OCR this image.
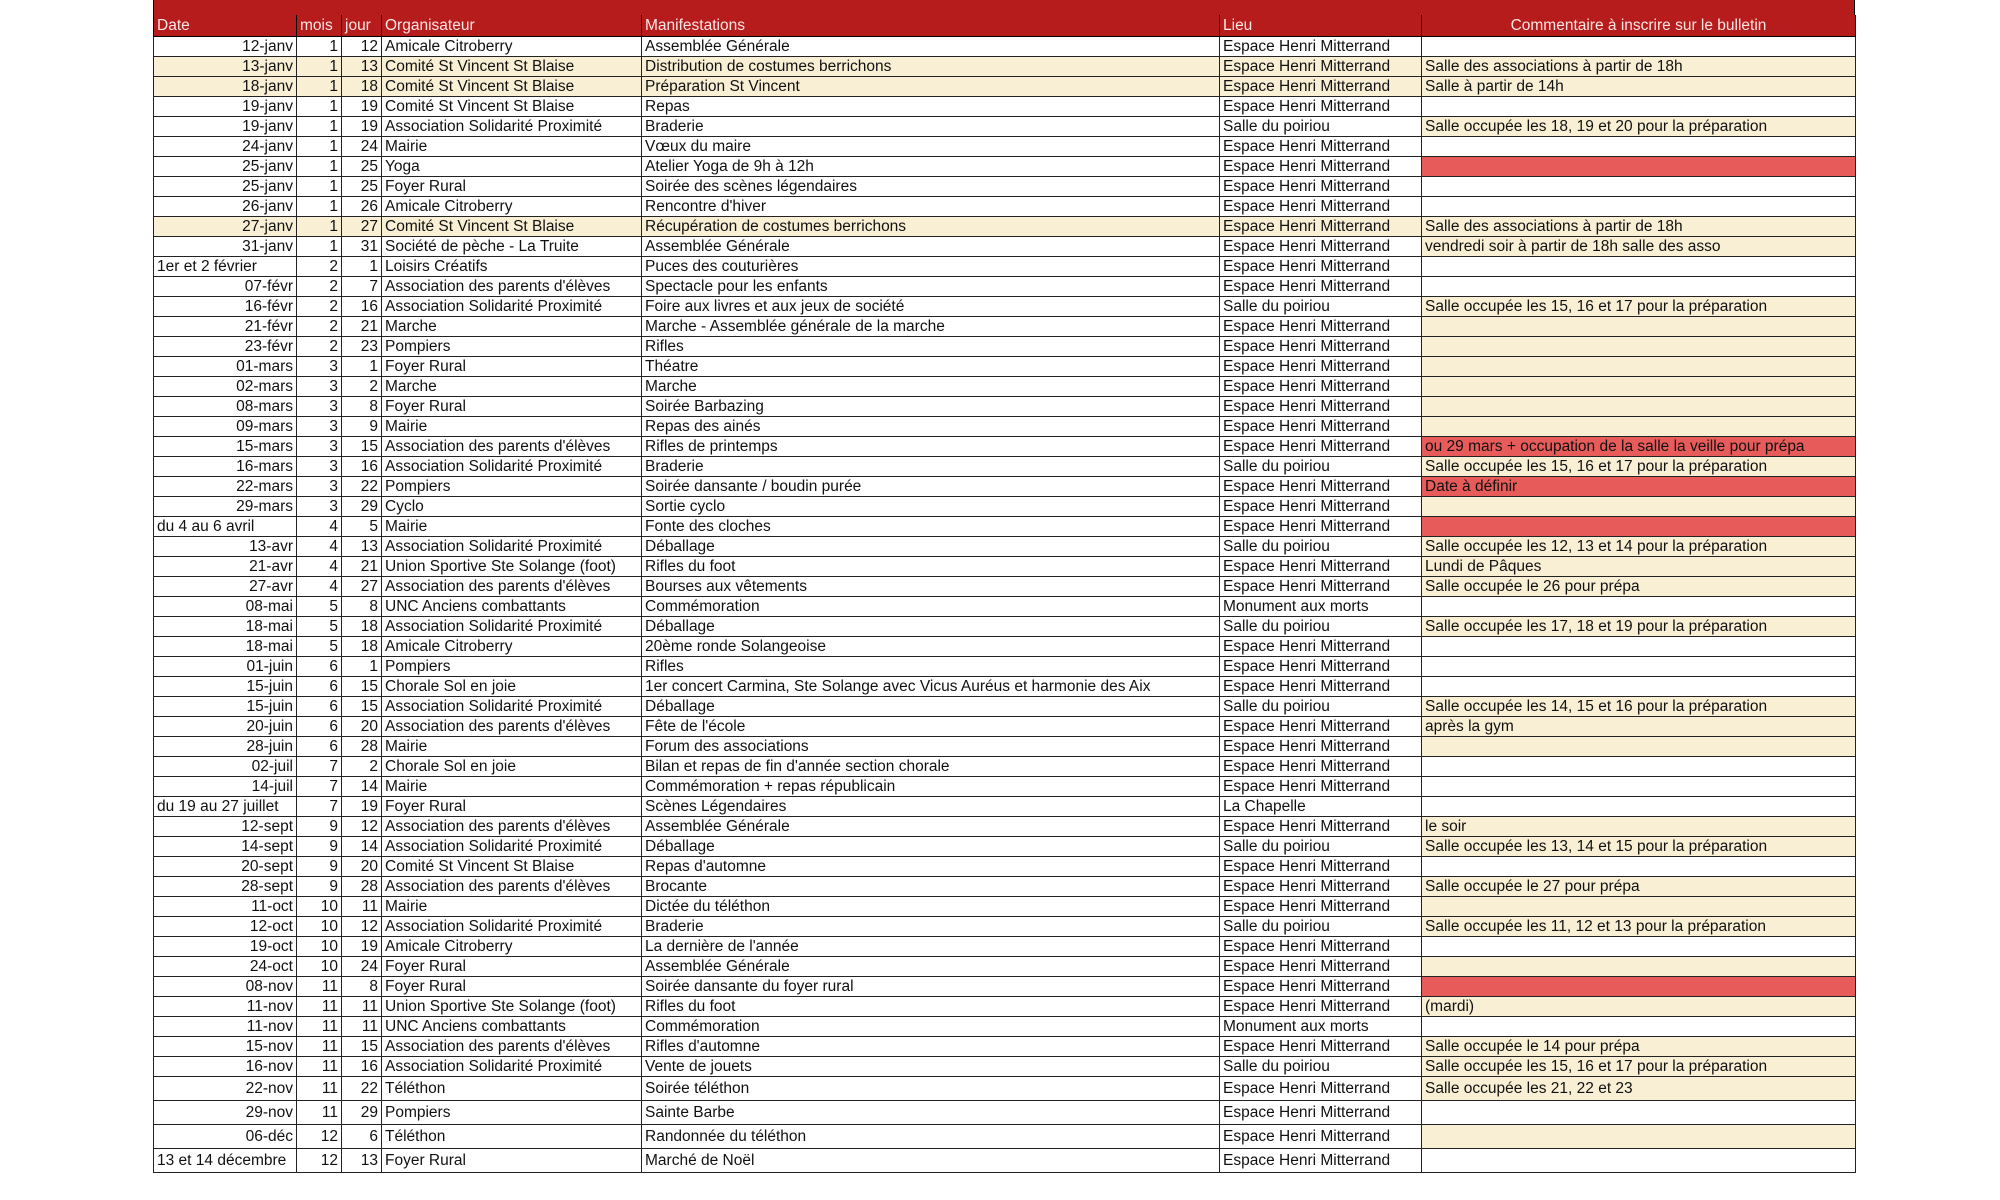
Date	mois	jour	Organisateur	Manifestations	Lieu	Commentaire à inscrire sur le bulletin
12-janv	1	12	Amicale Citroberry	Assemblée Générale	Espace Henri Mitterrand	
13-janv	1	13	Comité St Vincent St Blaise	Distribution de costumes berrichons	Espace Henri Mitterrand	Salle des associations à partir de 18h
18-janv	1	18	Comité St Vincent St Blaise	Préparation St Vincent	Espace Henri Mitterrand	Salle à partir de 14h
19-janv	1	19	Comité St Vincent St Blaise	Repas	Espace Henri Mitterrand	
19-janv	1	19	Association Solidarité Proximité	Braderie	Salle du poiriou	Salle occupée les 18, 19 et 20 pour la préparation
24-janv	1	24	Mairie	Vœux du maire	Espace Henri Mitterrand	
25-janv	1	25	Yoga	Atelier Yoga de 9h à 12h	Espace Henri Mitterrand	
25-janv	1	25	Foyer Rural	Soirée des scènes légendaires	Espace Henri Mitterrand	
26-janv	1	26	Amicale Citroberry	Rencontre d'hiver	Espace Henri Mitterrand	
27-janv	1	27	Comité St Vincent St Blaise	Récupération de costumes berrichons	Espace Henri Mitterrand	Salle des associations à partir de 18h
31-janv	1	31	Société de pèche - La Truite	Assemblée Générale	Espace Henri Mitterrand	vendredi soir à partir de 18h salle des asso
1er et 2 février	2	1	Loisirs Créatifs	Puces des couturières	Espace Henri Mitterrand	
07-févr	2	7	Association des parents d'élèves	Spectacle pour les enfants	Espace Henri Mitterrand	
16-févr	2	16	Association Solidarité Proximité	Foire aux livres et aux jeux de société	Salle du poiriou	Salle occupée les 15, 16 et 17 pour la préparation
21-févr	2	21	Marche	Marche - Assemblée générale de la marche	Espace Henri Mitterrand	
23-févr	2	23	Pompiers	Rifles	Espace Henri Mitterrand	
01-mars	3	1	Foyer Rural	Théatre	Espace Henri Mitterrand	
02-mars	3	2	Marche	Marche	Espace Henri Mitterrand	
08-mars	3	8	Foyer Rural	Soirée Barbazing	Espace Henri Mitterrand	
09-mars	3	9	Mairie	Repas des ainés	Espace Henri Mitterrand	
15-mars	3	15	Association des parents d'élèves	Rifles de printemps	Espace Henri Mitterrand	ou 29 mars + occupation de la salle la veille pour prépa
16-mars	3	16	Association Solidarité Proximité	Braderie	Salle du poiriou	Salle occupée les 15, 16 et 17 pour la préparation
22-mars	3	22	Pompiers	Soirée dansante / boudin purée	Espace Henri Mitterrand	Date à définir
29-mars	3	29	Cyclo	Sortie cyclo	Espace Henri Mitterrand	
du 4 au 6 avril	4	5	Mairie	Fonte des cloches	Espace Henri Mitterrand	
13-avr	4	13	Association Solidarité Proximité	Déballage	Salle du poiriou	Salle occupée les 12, 13 et 14 pour la préparation
21-avr	4	21	Union Sportive Ste Solange (foot)	Rifles du foot	Espace Henri Mitterrand	Lundi de Pâques
27-avr	4	27	Association des parents d'élèves	Bourses aux vêtements	Espace Henri Mitterrand	Salle occupée le 26 pour prépa
08-mai	5	8	UNC Anciens combattants	Commémoration	Monument aux morts	
18-mai	5	18	Association Solidarité Proximité	Déballage	Salle du poiriou	Salle occupée les 17, 18 et 19 pour la préparation
18-mai	5	18	Amicale Citroberry	20ème ronde Solangeoise	Espace Henri Mitterrand	
01-juin	6	1	Pompiers	Rifles	Espace Henri Mitterrand	
15-juin	6	15	Chorale Sol en joie	1er concert Carmina, Ste Solange avec Vicus Auréus et harmonie des Aix	Espace Henri Mitterrand	
15-juin	6	15	Association Solidarité Proximité	Déballage	Salle du poiriou	Salle occupée les 14, 15 et 16 pour la préparation
20-juin	6	20	Association des parents d'élèves	Fête de l'école	Espace Henri Mitterrand	après la gym
28-juin	6	28	Mairie	Forum des associations	Espace Henri Mitterrand	
02-juil	7	2	Chorale Sol en joie	Bilan et repas de fin d'année section chorale	Espace Henri Mitterrand	
14-juil	7	14	Mairie	Commémoration + repas républicain	Espace Henri Mitterrand	
du 19 au 27 juillet	7	19	Foyer Rural	Scènes Légendaires	La Chapelle	
12-sept	9	12	Association des parents d'élèves	Assemblée Générale	Espace Henri Mitterrand	le soir
14-sept	9	14	Association Solidarité Proximité	Déballage	Salle du poiriou	Salle occupée les 13, 14 et 15 pour la préparation
20-sept	9	20	Comité St Vincent St Blaise	Repas d'automne	Espace Henri Mitterrand	
28-sept	9	28	Association des parents d'élèves	Brocante	Espace Henri Mitterrand	Salle occupée le 27 pour prépa
11-oct	10	11	Mairie	Dictée du téléthon	Espace Henri Mitterrand	
12-oct	10	12	Association Solidarité Proximité	Braderie	Salle du poiriou	Salle occupée les 11, 12 et 13 pour la préparation
19-oct	10	19	Amicale Citroberry	La dernière de l'année	Espace Henri Mitterrand	
24-oct	10	24	Foyer Rural	Assemblée Générale	Espace Henri Mitterrand	
08-nov	11	8	Foyer Rural	Soirée dansante du foyer rural	Espace Henri Mitterrand	
11-nov	11	11	Union Sportive Ste Solange (foot)	Rifles du foot	Espace Henri Mitterrand	(mardi)
11-nov	11	11	UNC Anciens combattants	Commémoration	Monument aux morts	
15-nov	11	15	Association des parents d'élèves	Rifles d'automne	Espace Henri Mitterrand	Salle occupée le 14 pour prépa
16-nov	11	16	Association Solidarité Proximité	Vente de jouets	Salle du poiriou	Salle occupée les 15, 16 et 17 pour la préparation
22-nov	11	22	Téléthon	Soirée téléthon	Espace Henri Mitterrand	Salle occupée les 21, 22 et 23
29-nov	11	29	Pompiers	Sainte Barbe	Espace Henri Mitterrand	
06-déc	12	6	Téléthon	Randonnée du téléthon	Espace Henri Mitterrand	
13 et 14 décembre	12	13	Foyer Rural	Marché de Noël	Espace Henri Mitterrand	
